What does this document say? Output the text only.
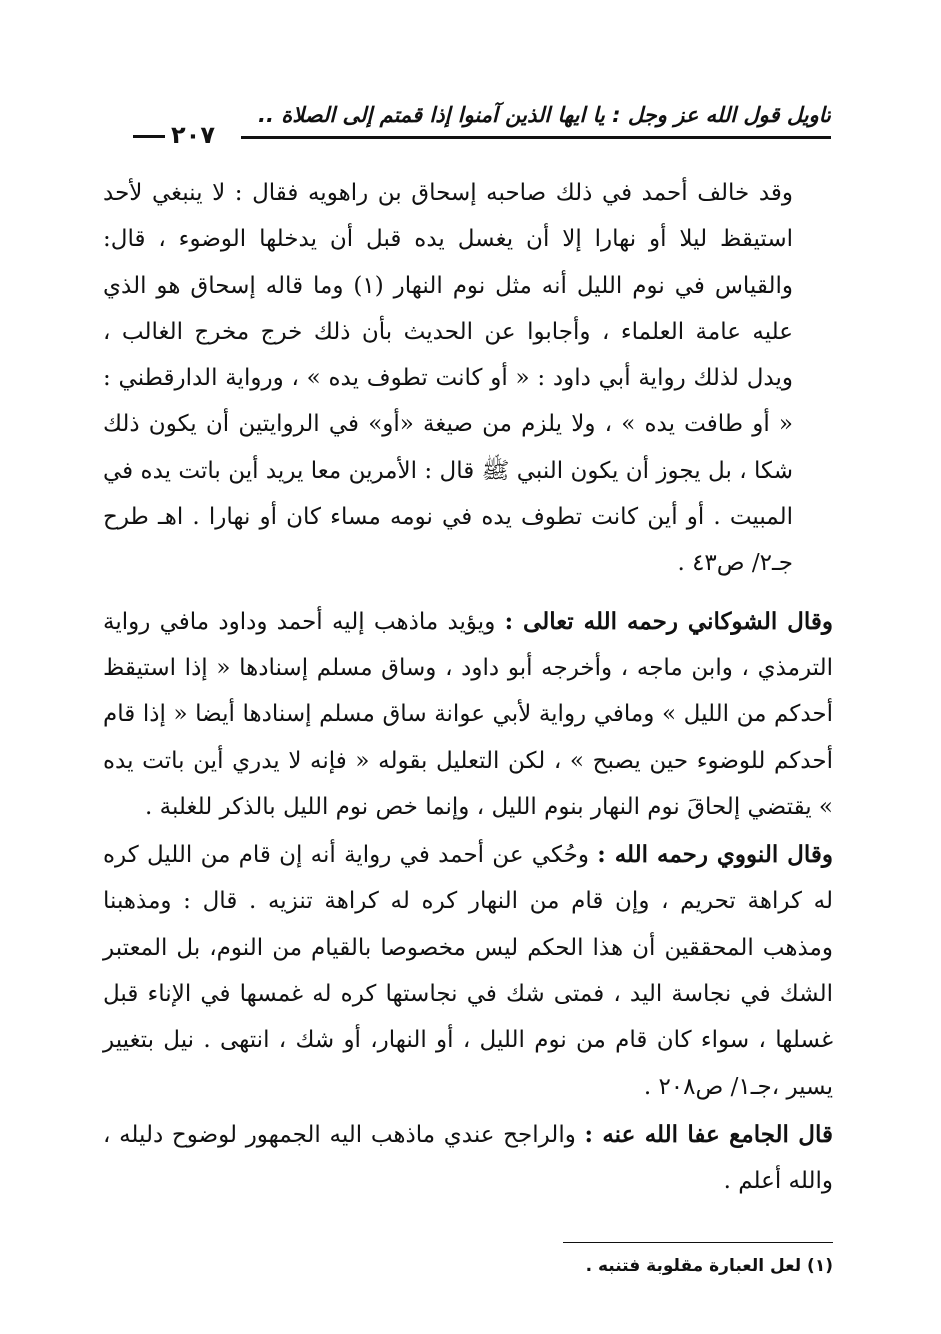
تاويل قول الله عز وجل : يا ايها الذين آمنوا إذا قمتم إلى الصلاة ..
٢٠٧

وقد خالف أحمد في ذلك صاحبه إسحاق بن راهويه فقال : لا ينبغي لأحد استيقظ ليلا أو نهارا إلا أن يغسل يده قبل أن يدخلها الوضوء ، قال: والقياس في نوم الليل أنه مثل نوم النهار (١) وما قاله إسحاق هو الذي عليه عامة العلماء ، وأجابوا عن الحديث بأن ذلك خرج مخرج الغالب ، ويدل لذلك رواية أبي داود : « أو كانت تطوف يده » ، ورواية الدارقطني : « أو طافت يده » ، ولا يلزم من صيغة «أو» في الروايتين أن يكون ذلك شكا ، بل يجوز أن يكون النبي ﷺ قال : الأمرين معا يريد أين باتت يده في المبيت . أو أين كانت تطوف يده في نومه مساء كان أو نهارا . اهـ طرح جـ٢/ ص٤٣ .

وقال الشوكاني رحمه الله تعالى : ويؤيد ماذهب إليه أحمد وداود مافي رواية الترمذي ، وابن ماجه ، وأخرجه أبو داود ، وساق مسلم إسنادها « إذا استيقظ أحدكم من الليل » ومافي رواية لأبي عوانة ساق مسلم إسنادها أيضا « إذا قام أحدكم للوضوء حين يصبح » ، لكن التعليل بقوله « فإنه لا يدري أين باتت يده » يقتضي إلحاقَ نوم النهار بنوم الليل ، وإنما خص نوم الليل بالذكر للغلبة .

وقال النووي رحمه الله : وحُكي عن أحمد في رواية أنه إن قام من الليل كره له كراهة تحريم ، وإن قام من النهار كره له كراهة تنزيه . قال : ومذهبنا ومذهب المحققين أن هذا الحكم ليس مخصوصا بالقيام من النوم، بل المعتبر الشك في نجاسة اليد ، فمتى شك في نجاستها كره له غمسها في الإناء قبل غسلها ، سواء كان قام من نوم الليل ، أو النهار، أو شك ، انتهى . نيل بتغيير يسير ،جـ١/ ص٢٠٨ .

قال الجامع عفا الله عنه : والراجح عندي ماذهب اليه الجمهور لوضوح دليله ، والله أعلم .

(١) لعل العبارة مقلوبة فتنبه .
